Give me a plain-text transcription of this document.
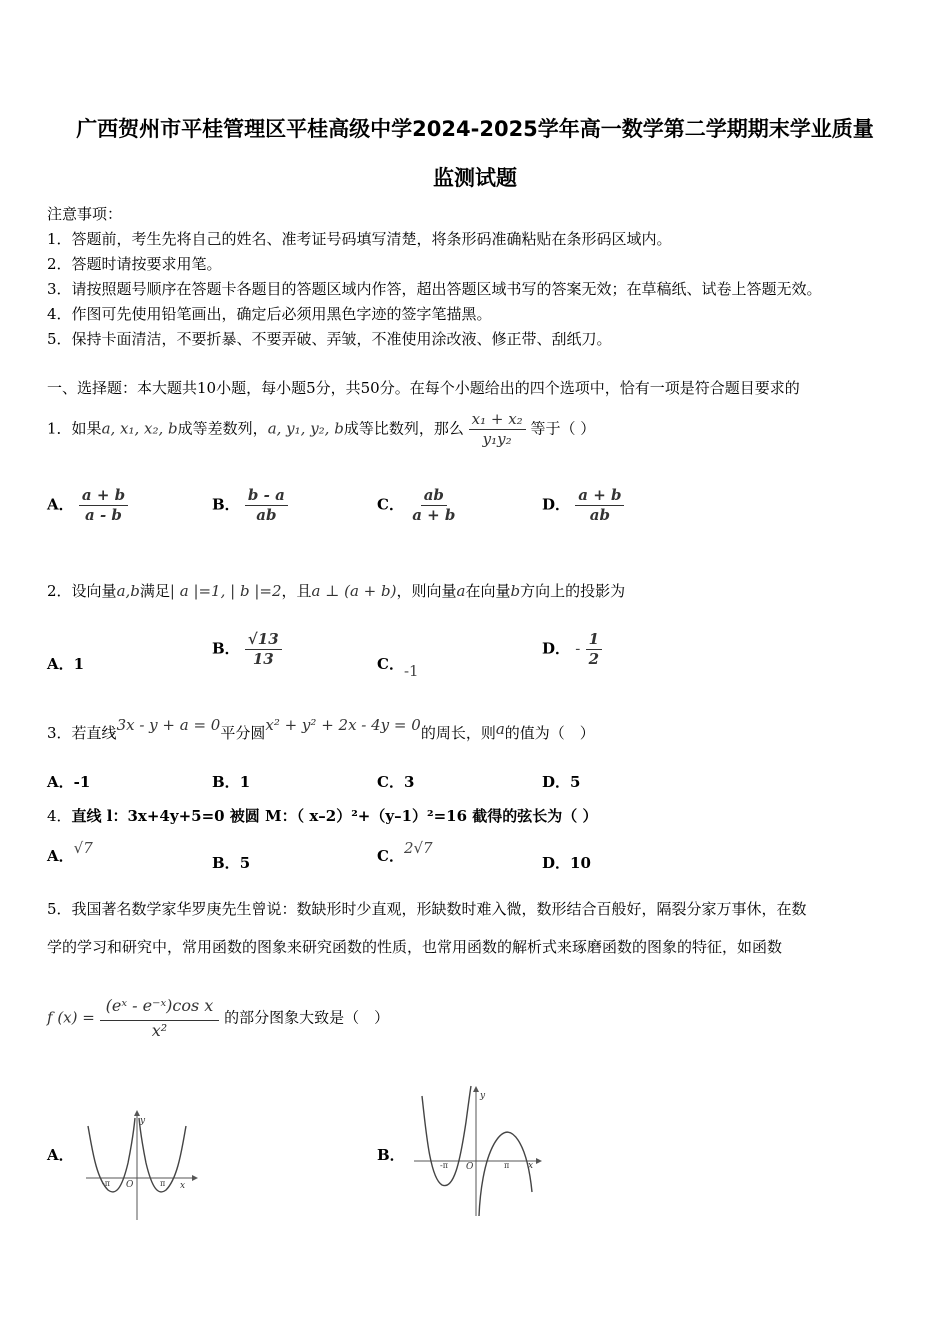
广西贺州市平桂管理区平桂高级中学2024-2025学年高一数学第二学期期末学业质量
监测试题
注意事项：
1．答题前，考生先将自己的姓名、准考证号码填写清楚，将条形码准确粘贴在条形码区域内。
2．答题时请按要求用笔。
3．请按照题号顺序在答题卡各题目的答题区域内作答，超出答题区域书写的答案无效；在草稿纸、试卷上答题无效。
4．作图可先使用铅笔画出，确定后必须用黑色字迹的签字笔描黑。
5．保持卡面清洁，不要折暴、不要弄破、弄皱，不准使用涂改液、修正带、刮纸刀。
一、选择题：本大题共10小题，每小题5分，共50分。在每个小题给出的四个选项中，恰有一项是符合题目要求的
1．如果a, x₁, x₂, b成等差数列，a, y₁, y₂, b成等比数列，那么 $\frac{\text{x₁ + x₂}}{\text{y₁y₂}}$ 等于（ ）
A． $\frac{a + b}{a - b}$	B． $\frac{b - a}{ab}$	C． $\frac{ab}{a + b}$	D． $\frac{a + b}{ab}$
2．设向量a,b满足| a |=1, | b |=2，且a ⊥ (a + b)，则向量a在向量b方向上的投影为
A．1
B． $\frac{√13}{13}$	C．-1
D． - $\frac{1}{2}$
3．若直线3x - y + a = 0平分圆x² + y² + 2x - 4y = 0的周长，则a的值为（　）
A．-1	B．1	C．3	D．5
4．直线 l：3x+4y+5=0 被圆 M：（ x–2）²+（y–1）²=16 截得的弦长为（ ）
A．√7
B．5	C．2√7
D．10
5．我国著名数学家华罗庚先生曾说：数缺形时少直观，形缺数时难入微，数形结合百般好，隔裂分家万事休，在数
学的学习和研究中，常用函数的图象来研究函数的性质，也常用函数的解析式来琢磨函数的图象的特征，如函数
f $(x) = \frac{\text{(eˣ - e⁻ˣ)cos x}}{\text{x²}}$ 的部分图象大致是（　）
A．	B．
y
x
O
-π	π
y
x
O
-π	π
